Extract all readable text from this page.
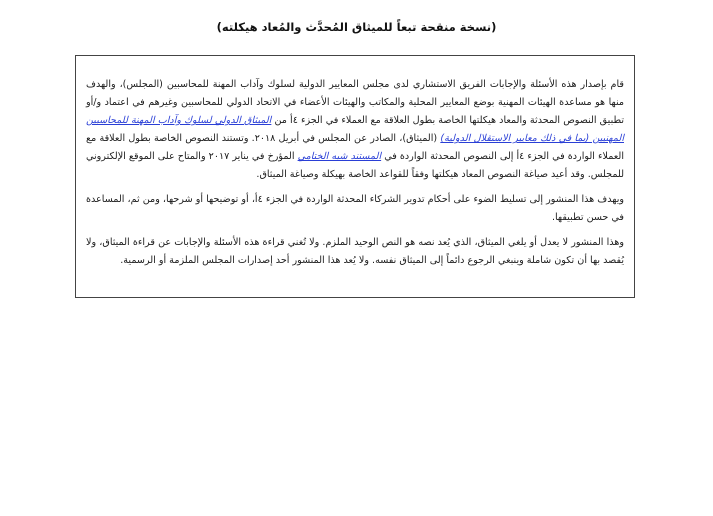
(نسخة منقحة تبعاً للميثاق المُحدَّث والمُعاد هيكلته)

قام بإصدار هذه الأسئلة والإجابات الفريق الاستشاري لدى مجلس المعايير الدولية لسلوك وآداب المهنة للمحاسبين (المجلس)، والهدف منها هو مساعدة الهيئات المهنية بوضع المعايير المحلية والمكاتب والهيئات الأعضاء في الاتحاد الدولي للمحاسبين وغيرهم في اعتماد و/أو تطبيق النصوص المحدثة والمعاد هيكلتها الخاصة بطول العلاقة مع العملاء في الجزء ٤أ من الميثاق الدولي لسلوك وآداب المهنة للمحاسبين المهنيين (بما في ذلك معايير الاستقلال الدولية) (الميثاق)، الصادر عن المجلس في أبريل ٢٠١٨. وتستند النصوص الخاصة بطول العلاقة مع العملاء الواردة في الجزء ٤أ إلى النصوص المحدثة الواردة في المستند شبه الختامي المؤرخ في يناير ٢٠١٧ والمتاح على الموقع الإلكتروني للمجلس. وقد أعيد صياغة النصوص المعاد هيكلتها وفقاً للقواعد الخاصة بهيكلة وصياغة الميثاق.

ويهدف هذا المنشور إلى تسليط الضوء على أحكام تدوير الشركاء المحدثة الواردة في الجزء ٤أ، أو توضيحها أو شرحها، ومن ثم، المساعدة في حسن تطبيقها.

وهذا المنشور لا يعدل أو يلغي الميثاق، الذي يُعد نصه هو النص الوحيد الملزم. ولا تُغني قراءة هذه الأسئلة والإجابات عن قراءة الميثاق، ولا يُقصد بها أن تكون شاملة وينبغي الرجوع دائماً إلى الميثاق نفسه. ولا يُعد هذا المنشور أحد إصدارات المجلس الملزمة أو الرسمية.
